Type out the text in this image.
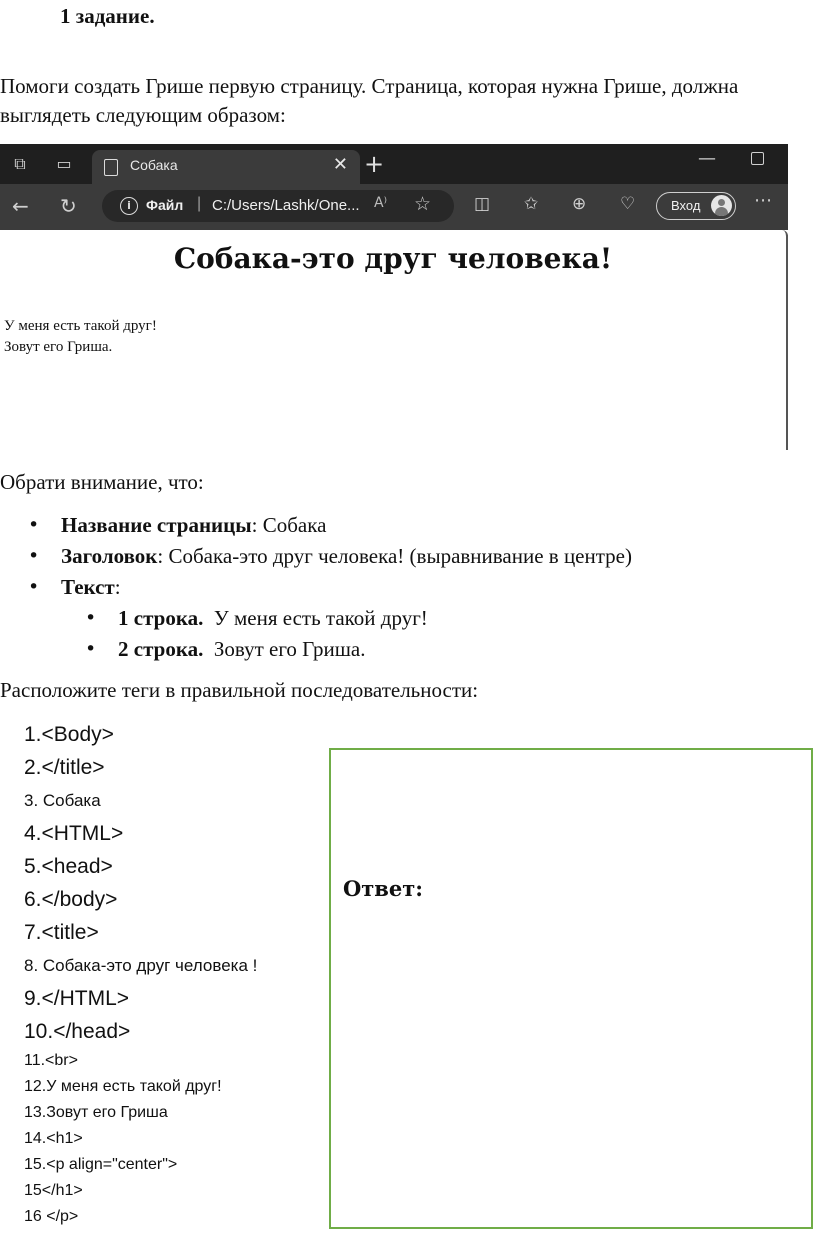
1 задание.
Помоги создать Грише первую страницу. Страница, которая нужна Грише, должна выглядеть следующим образом:
⧉ ▭	Собака	✕ +	—
← ↻	i	Файл | C:/Users/Lashk/One... A⁾ ☆	◫ ✩ ⊕ ♡	Вход	⋯
Собака-это друг человека!
У меня есть такой друг!
Зовут его Гриша.
Обрати внимание, что:
• Название страницы: Собака
• Заголовок: Собака-это друг человека! (выравнивание в центре)
• Текст:
• 1 строка.  У меня есть такой друг!
• 2 строка.  Зовут его Гриша.
Расположите теги в правильной последовательности:
1.<Body>
2.</title>
3. Собака
4.<HTML>
5.<head>
6.</body>
7.<title>
8. Собака-это друг человека !
9.</HTML>
10.</head>
11.<br>
12.У меня есть такой друг!
13.Зовут его Гриша
14.<h1>
15.<p align="center">
15</h1>
16 </p>
Ответ:
